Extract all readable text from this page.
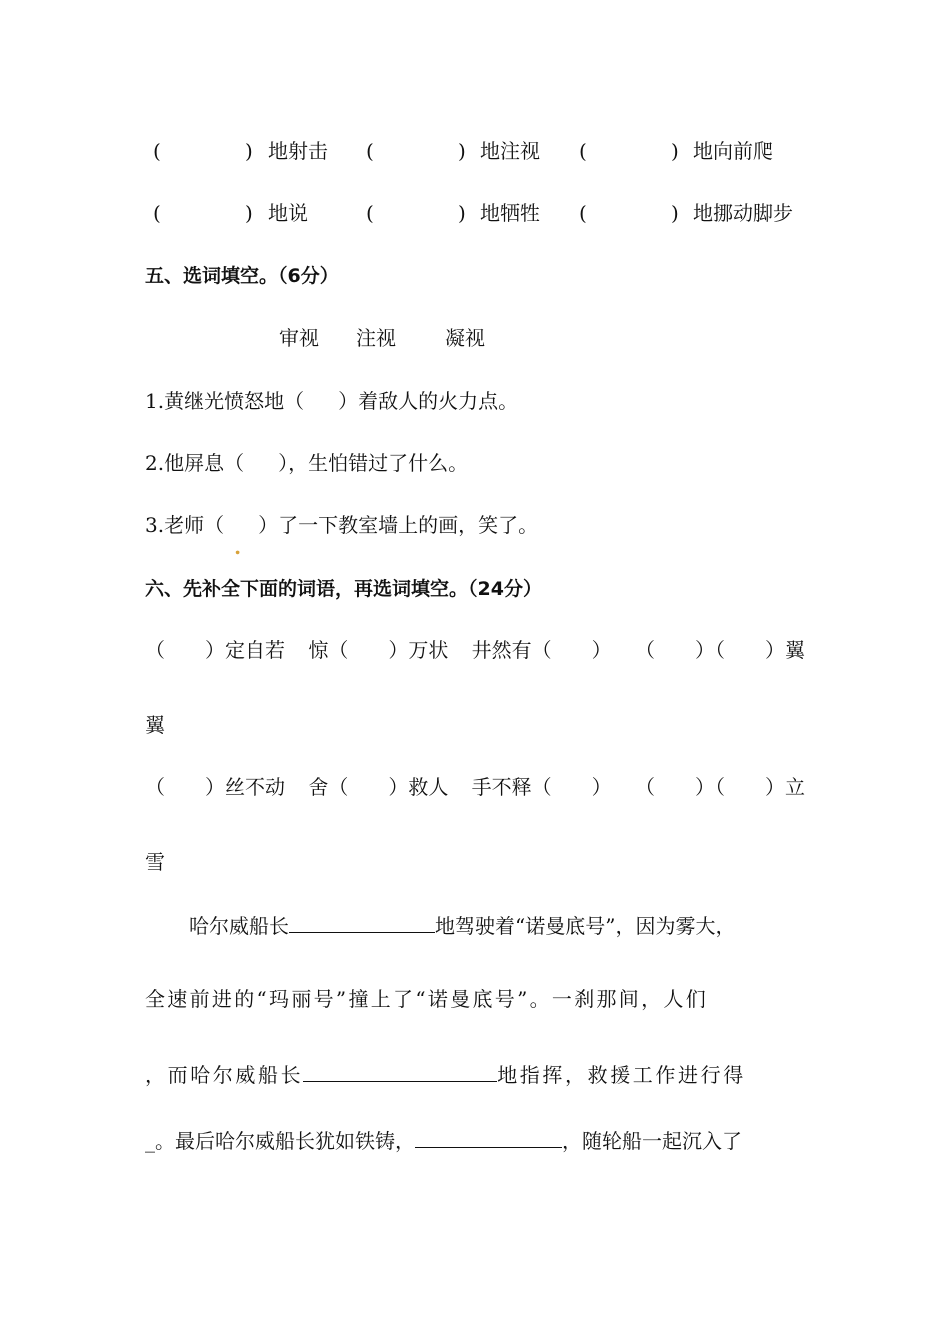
(	) 地射击 (	) 地注视 (	) 地向前爬
(	) 地说	(	) 地牺牲 (	) 地挪动脚步
五、选词填空。（6分）
审视 注视 凝视
1.黄继光愤怒地（ ）着敌人的火力点。
2.他屏息（ ），生怕错过了什么。
3.老师（
.
）了一下教室墙上的画，笑了。
六、先补全下面的词语，再选词填空。（24分）
（　　）定自若 惊（　　）万状 井然有（　　） （　　）（　　）翼
翼
（　　）丝不动 舍（　　）救人 手不释（　　） （　　）（　　）立
雪
哈尔威船长	地驾驶着“诺曼底号”，因为雾大，
全速前进的“玛丽号”撞上了“诺曼底号”。一刹那间，人们
，而哈尔威船长	地指挥，救援工作进行得
_。最后哈尔威船长犹如铁铸，	，随轮船一起沉入了
